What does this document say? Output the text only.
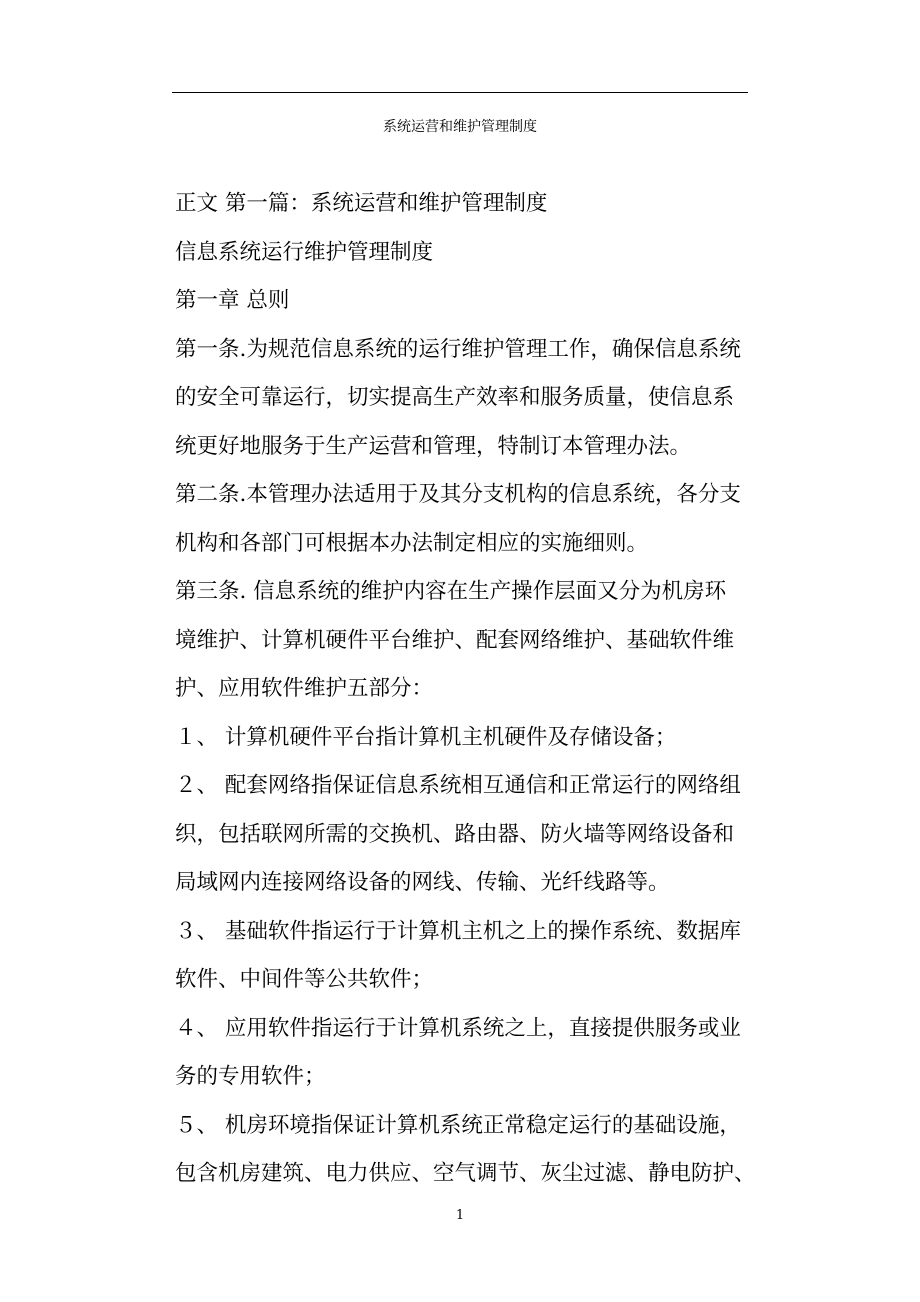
系统运营和维护管理制度
正文 第一篇：系统运营和维护管理制度
信息系统运行维护管理制度
第一章 总则
第一条.为规范信息系统的运行维护管理工作，确保信息系统
的安全可靠运行，切实提高生产效率和服务质量，使信息系
统更好地服务于生产运营和管理，特制订本管理办法。
第二条.本管理办法适用于及其分支机构的信息系统，各分支
机构和各部门可根据本办法制定相应的实施细则。
第三条. 信息系统的维护内容在生产操作层面又分为机房环
境维护、计算机硬件平台维护、配套网络维护、基础软件维
护、应用软件维护五部分：
１、 计算机硬件平台指计算机主机硬件及存储设备；
２、 配套网络指保证信息系统相互通信和正常运行的网络组
织，包括联网所需的交换机、路由器、防火墙等网络设备和
局域网内连接网络设备的网线、传输、光纤线路等。
３、 基础软件指运行于计算机主机之上的操作系统、数据库
软件、中间件等公共软件；
４、 应用软件指运行于计算机系统之上，直接提供服务或业
务的专用软件；
５、 机房环境指保证计算机系统正常稳定运行的基础设施，
包含机房建筑、电力供应、空气调节、灰尘过滤、静电防护、
1
